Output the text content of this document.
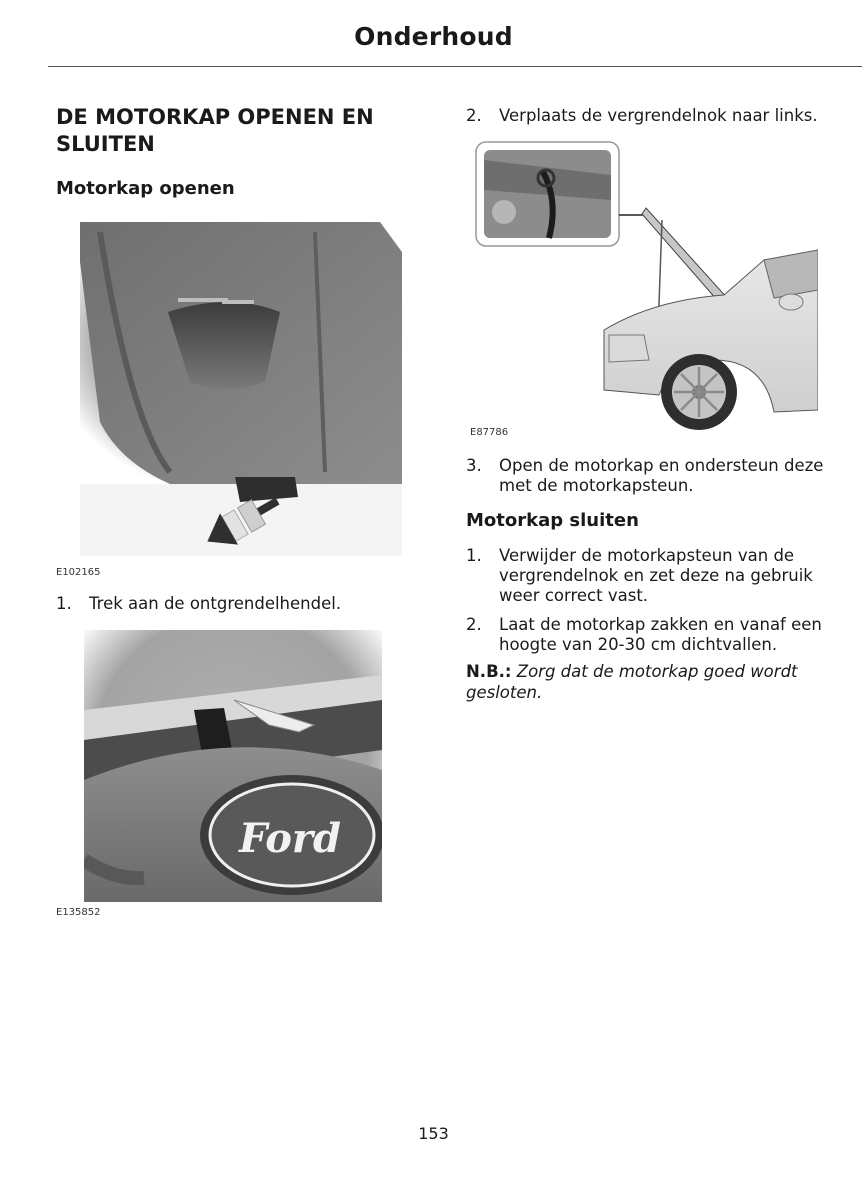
Onderhoud
DE MOTORKAP OPENEN EN SLUITEN
Motorkap openen
E102165
1. Trek aan de ontgrendelhendel.
Ford
E135852
2. Verplaats de vergrendelnok naar links.
E87786
3. Open de motorkap en ondersteun deze met de motorkapsteun.
Motorkap sluiten
1. Verwijder de motorkapsteun van de vergrendelnok en zet deze na gebruik weer correct vast.
2. Laat de motorkap zakken en vanaf een hoogte van 20-30 cm dichtvallen.
N.B.: Zorg dat de motorkap goed wordt gesloten.
153
